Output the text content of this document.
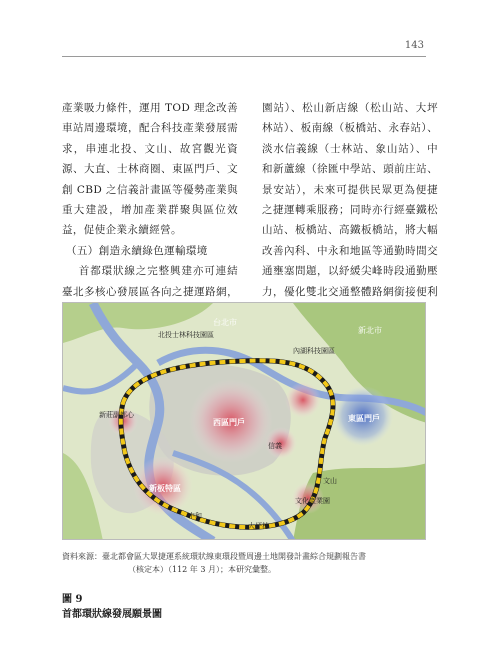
143

產業吸力條件，運用 TOD 理念改善車站周邊環境，配合科技產業發展需求，串連北投、文山、故宮觀光資源、大直、士林商圈、東區門戶、文創 CBD 之信義計畫區等優勢產業與重大建設，增加產業群聚與區位效益，促使企業永續經營。

（五）創造永續綠色運輸環境

首都環狀線之完整興建亦可連結臺北多核心發展區各向之捷運路網，

園站）、松山新店線（松山站、大坪林站）、板南線（板橋站、永春站）、淡水信義線（士林站、象山站）、中和新蘆線（徐匯中學站、頭前庄站、景安站），未來可提供民眾更為便捷之捷運轉乘服務；同時亦行經臺鐵松山站、板橋站、高鐵板橋站，將大幅改善內科、中永和地區等通勤時間交通壅塞問題，以紓緩尖峰時段通勤壓力，優化雙北交通整體路網銜接便利

北投士林科技園區
台北市
新北市
內湖科技園區
東區門戶
新莊副都心
西區門戶
新板特區
信義
中和
文化產業園
大坪林
文山
資料來源：臺北都會區大眾捷運系統環狀線東環段暨周邊土地開發計畫綜合規劃報告書
（核定本）（112 年 3 月）；本研究彙整。
圖 9
首都環狀線發展願景圖
